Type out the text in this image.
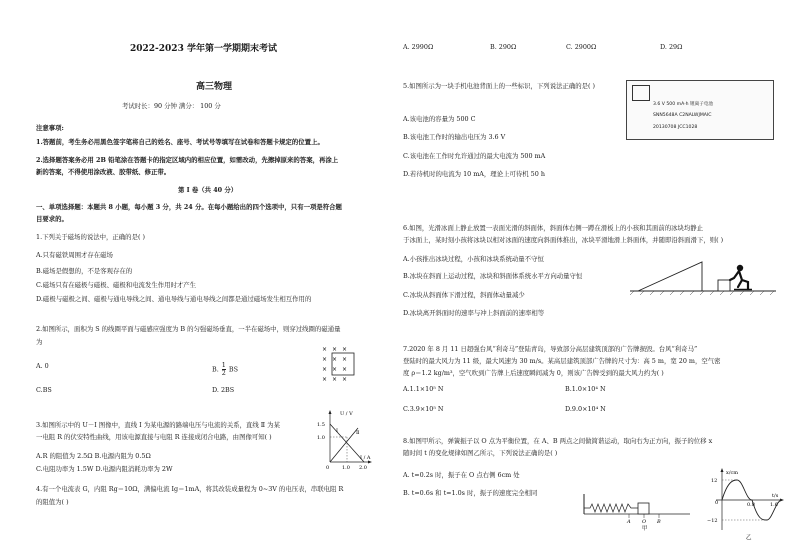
2022-2023 学年第一学期期末考试
高三物理
考试时长：90 分钟 满分： 100 分
注意事项:
1.答题前，考生务必用黑色签字笔将自己的姓名、座号、考试号等填写在试卷和答题卡规定的位置上。
2.选择题答案务必用 2B 铅笔涂在答题卡的指定区域内的相应位置，如需改动，先擦掉原来的答案，再涂上
新的答案，不得使用涂改液、胶带纸、修正带。
第 Ⅰ 卷（共 40 分）
一、单项选择题：本题共 8 小题，每小题 3 分，共 24 分。在每小题给出的四个选项中，只有一项是符合题
目要求的。
1.下列关于磁场的说法中，正确的是( )
A.只有磁铁周围才存在磁场
B.磁场是假想的，不是客观存在的
C.磁场只有在磁极与磁极、磁极和电流发生作用时才产生
D.磁极与磁极之间、磁极与通电导线之间、通电导线与通电导线之间都是通过磁场发生相互作用的
2.如图所示，面积为 S 的线圈平面与磁感应强度为 B 的匀强磁场垂直，一半在磁场中，则穿过线圈的磁通量
为
A. 0	B. $\frac{1}{2}$ BS
C.BS	D. 2BS
× × ×
× × ×
× × ×
× × ×
3.如图所示中的 U－I 图像中，直线 Ⅰ 为某电源的路端电压与电流的关系，直线 Ⅱ 为某
一电阻 R 的伏安特性曲线，用该电源直接与电阻 R 连接成闭合电路，由图像可知( )
A.R 的阻值为 2.5Ω B.电源内阻为 0.5Ω
C.电阻功率为 1.5W D.电源内阻消耗功率为 2W
U / V
I / A
1.5
1.0
0	1.0 2.0
Ⅰ	Ⅱ
4.有一个电流表 G，内阻 Rg＝10Ω，满偏电流 Ig＝1mA，将其改装成量程为 0~3V 的电压表，串联电阻 R
的阻值为( )
A. 2990Ω	B. 290Ω	C. 2900Ω	D. 29Ω
5.如图所示为一块手机电池背面上的一些标识，下列说法正确的是( )
3.6 V 500 mA·h 锂离子电池
SNN5648A C2NALWJMAIC
20130708 JCC1028
A.该电池的容量为 500 C
B.该电池工作时的输出电压为 3.6 V
C.该电池在工作时允许通过的最大电流为 500 mA
D.若待机时的电流为 10 mA，理论上可待机 50 h
6.如图，光滑冰面上静止放置一表面光滑的斜面体，斜面体右侧一蹲在滑板上的小孩和其面前的冰块均静止
于冰面上，某时刻小孩将冰块以相对冰面的速度向斜面体推出，冰块平滑地滑上斜面体，并随即沿斜面滑下，则( )
A.小孩推出冰块过程，小孩和冰块系统动量不守恒
B.冰块在斜面上运动过程，冰块和斜面体系统水平方向动量守恒
C.冰块从斜面体下滑过程，斜面体动量减少
D.冰块离开斜面时的速率与冲上斜面前的速率相等
7.2020 年 8 月 11 日超强台风“利奇马”登陆青岛，导致部分高层建筑顶部的广告牌损毁。台风“利奇马”
登陆时的最大风力为 11 级，最大风速为 30 m/s。某高层建筑顶部广告牌的尺寸为：高 5 m，宽 20 m，空气密
度 ρ＝1.2 kg/m³，空气吹到广告牌上后速度瞬间减为 0，则该广告牌受到的最大风力约为( )
A.1.1×10⁵ N	B.1.0×10⁴ N
C.3.9×10⁵ N	D.9.0×10⁴ N
8.如图甲所示，弹簧振子以 O 点为平衡位置，在 A、B 两点之间做简谐运动，取向右为正方向，振子的位移 x
随时间 t 的变化规律如图乙所示，下列说法正确的是( )
A. t=0.2s 时，振子在 O 点右侧 6cm 处
B. t=0.6s 和 t=1.0s 时，振子的速度完全相同
A O B
甲
x/cm
t/s
12
0
−12
0.8	1.6
乙
